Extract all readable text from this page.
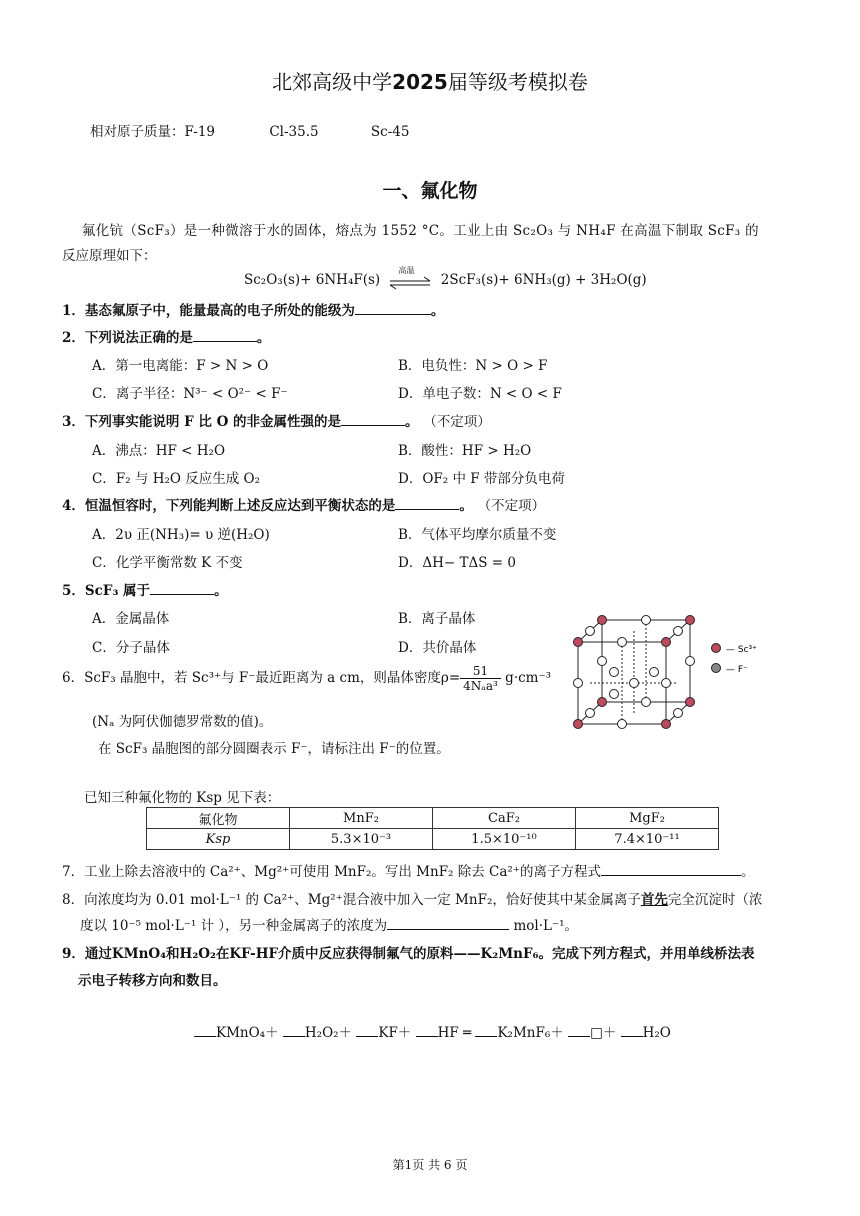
北郊高级中学2025届等级考模拟卷
相对原子质量：F-19	Cl-35.5	Sc-45
一、氟化物
氟化钪（ScF₃）是一种微溶于水的固体，熔点为 1552 °C。工业上由 Sc₂O₃ 与 NH₄F 在高温下制取 ScF₃ 的
反应原理如下：
Sc₂O₃(s)+ 6NH₄F(s)
高温
2ScF₃(s)+ 6NH₃(g) + 3H₂O(g)
1．基态氟原子中，能量最高的电子所处的能级为	。
2．下列说法正确的是	。
A．第一电离能：F > N > O	B．电负性：N > O > F
C．离子半径：N³⁻ < O²⁻ < F⁻	D．单电子数：N < O < F
3．下列事实能说明 F 比 O 的非金属性强的是	。 （不定项）
A．沸点：HF < H₂O	B．酸性：HF > H₂O
C．F₂ 与 H₂O 反应生成 O₂	D．OF₂ 中 F 带部分负电荷
4．恒温恒容时，下列能判断上述反应达到平衡状态的是	。 （不定项）
A．2υ 正(NH₃)= υ 逆(H₂O)	B．气体平均摩尔质量不变
C．化学平衡常数 K 不变	D．ΔH− TΔS = 0
5．ScF₃ 属于	。
A．金属晶体	B．离子晶体
C．分子晶体	D．共价晶体
6．ScF₃ 晶胞中，若 Sc³⁺与 F⁻最近距离为 a cm，则晶体密度$\rho= \frac{51}{\text{4Nₐa³}} g\cdot cm^{-3}$
(Nₐ 为阿伏伽德罗常数的值)。
在 ScF₃ 晶胞图的部分圆圈表示 F⁻，请标注出 F⁻的位置。
— Sc³⁺
— F⁻
已知三种氟化物的 Ksp 见下表：
氟化物	MnF₂	CaF₂	MgF₂
Ksp	5.3×10⁻³	1.5×10⁻¹⁰	7.4×10⁻¹¹
7．工业上除去溶液中的 Ca²⁺、Mg²⁺可使用 MnF₂。写出 MnF₂ 除去 Ca²⁺的离子方程式	。
8．向浓度均为 0.01 mol·L⁻¹ 的 Ca²⁺、Mg²⁺混合液中加入一定 MnF₂，恰好使其中某金属离子首先完全沉淀时（浓
度以 10⁻⁵ mol·L⁻¹ 计 ），另一种金属离子的浓度为	mol·L⁻¹。
9．通过KMnO₄和H₂O₂在KF-HF介质中反应获得制氟气的原料——K₂MnF₆。完成下列方程式，并用单线桥法表
示电子转移方向和数目。
KMnO₄＋ H₂O₂＋ KF＋ HF ═ K₂MnF₆＋ □＋ H₂O
第1页 共 6 页
